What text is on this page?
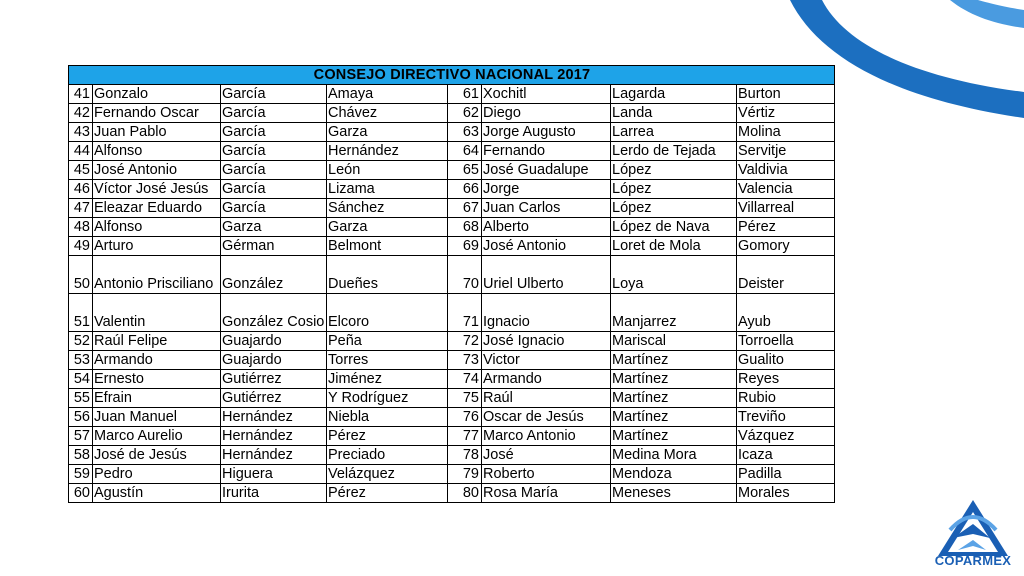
CONSEJO DIRECTIVO NACIONAL 2017							
41	Gonzalo	García	Amaya	61	Xochitl	Lagarda	Burton
42	Fernando Oscar	García	Chávez	62	Diego	Landa	Vértiz
43	Juan Pablo	García	Garza	63	Jorge Augusto	Larrea	Molina
44	Alfonso	García	Hernández	64	Fernando	Lerdo de Tejada	Servitje
45	José Antonio	García	León	65	José Guadalupe	López	Valdivia
46	Víctor José Jesús	García	Lizama	66	Jorge	López	Valencia
47	Eleazar Eduardo	García	Sánchez	67	Juan Carlos	López	Villarreal
48	Alfonso	Garza	Garza	68	Alberto	López de Nava	Pérez
49	Arturo	Gérman	Belmont	69	José Antonio	Loret de Mola	Gomory
50	Antonio Prisciliano	González	Dueñes	70	Uriel Ulberto	Loya	Deister
51	Valentin	González Cosio	Elcoro	71	Ignacio	Manjarrez	Ayub
52	Raúl Felipe	Guajardo	Peña	72	José Ignacio	Mariscal	Torroella
53	Armando	Guajardo	Torres	73	Victor	Martínez	Gualito
54	Ernesto	Gutiérrez	Jiménez	74	Armando	Martínez	Reyes
55	Efrain	Gutiérrez	Y Rodríguez	75	Raúl	Martínez	Rubio
56	Juan Manuel	Hernández	Niebla	76	Oscar de Jesús	Martínez	Treviño
57	Marco Aurelio	Hernández	Pérez	77	Marco Antonio	Martínez	Vázquez
58	José de Jesús	Hernández	Preciado	78	José	Medina Mora	Icaza
59	Pedro	Higuera	Velázquez	79	Roberto	Mendoza	Padilla
60	Agustín	Irurita	Pérez	80	Rosa María	Meneses	Morales
COPARMEX
